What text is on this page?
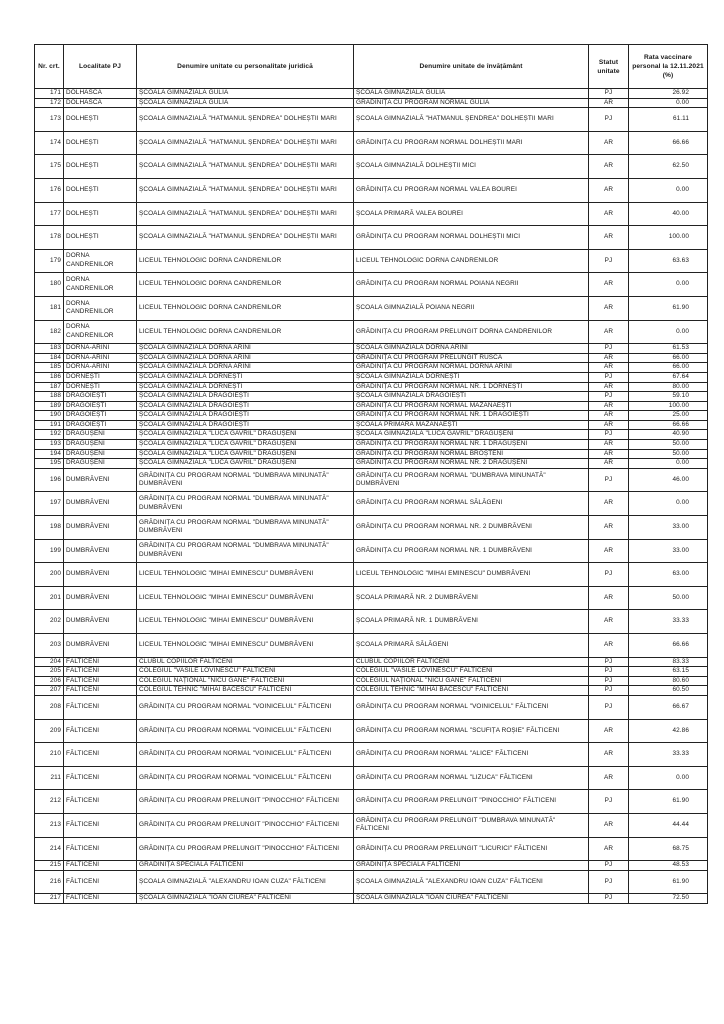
Nr. crt.	Localitate PJ	Denumire unitate cu personalitate juridică	Denumire unitate de învățământ	Statut unitate	Rata vaccinare personal la 12.11.2021 (%)
171	DOLHASCA	ȘCOALA GIMNAZIALĂ GULIA	ȘCOALA GIMNAZIALĂ GULIA	PJ	26.92
172	DOLHASCA	ȘCOALA GIMNAZIALĂ GULIA	GRĂDINIȚA CU PROGRAM NORMAL GULIA	AR	0.00
173	DOLHEȘTI	ȘCOALA GIMNAZIALĂ "HATMANUL ȘENDREA" DOLHEȘTII MARI	ȘCOALA GIMNAZIALĂ "HATMANUL ȘENDREA" DOLHEȘTII MARI	PJ	61.11
174	DOLHEȘTI	ȘCOALA GIMNAZIALĂ "HATMANUL ȘENDREA" DOLHEȘTII MARI	GRĂDINIȚA CU PROGRAM NORMAL DOLHEȘTII MARI	AR	66.66
175	DOLHEȘTI	ȘCOALA GIMNAZIALĂ "HATMANUL ȘENDREA" DOLHEȘTII MARI	ȘCOALA GIMNAZIALĂ DOLHEȘTII MICI	AR	62.50
176	DOLHEȘTI	ȘCOALA GIMNAZIALĂ "HATMANUL ȘENDREA" DOLHEȘTII MARI	GRĂDINIȚA CU PROGRAM NORMAL VALEA BOUREI	AR	0.00
177	DOLHEȘTI	ȘCOALA GIMNAZIALĂ "HATMANUL ȘENDREA" DOLHEȘTII MARI	ȘCOALA PRIMARĂ VALEA BOUREI	AR	40.00
178	DOLHEȘTI	ȘCOALA GIMNAZIALĂ "HATMANUL ȘENDREA" DOLHEȘTII MARI	GRĂDINIȚA CU PROGRAM NORMAL DOLHEȘTII MICI	AR	100.00
179	DORNA CANDRENILOR	LICEUL TEHNOLOGIC DORNA CANDRENILOR	LICEUL TEHNOLOGIC DORNA CANDRENILOR	PJ	63.63
180	DORNA CANDRENILOR	LICEUL TEHNOLOGIC DORNA CANDRENILOR	GRĂDINIȚA CU PROGRAM NORMAL POIANA NEGRII	AR	0.00
181	DORNA CANDRENILOR	LICEUL TEHNOLOGIC DORNA CANDRENILOR	ȘCOALA GIMNAZIALĂ POIANA NEGRII	AR	61.90
182	DORNA CANDRENILOR	LICEUL TEHNOLOGIC DORNA CANDRENILOR	GRĂDINIȚA CU PROGRAM PRELUNGIT DORNA CANDRENILOR	AR	0.00
183	DORNA-ARINI	ȘCOALA GIMNAZIALĂ DORNA ARINI	ȘCOALA GIMNAZIALĂ DORNA ARINI	PJ	61.53
184	DORNA-ARINI	ȘCOALA GIMNAZIALĂ DORNA ARINI	GRĂDINIȚA CU PROGRAM PRELUNGIT RUSCA	AR	66.00
185	DORNA-ARINI	ȘCOALA GIMNAZIALĂ DORNA ARINI	GRĂDINIȚA CU PROGRAM NORMAL DORNA ARINI	AR	66.00
186	DORNEȘTI	ȘCOALA GIMNAZIALĂ DORNEȘTI	ȘCOALA GIMNAZIALĂ DORNEȘTI	PJ	67.64
187	DORNEȘTI	ȘCOALA GIMNAZIALĂ DORNEȘTI	GRĂDINIȚA CU PROGRAM NORMAL NR. 1 DORNEȘTI	AR	80.00
188	DRĂGOIEȘTI	ȘCOALA GIMNAZIALĂ DRĂGOIEȘTI	ȘCOALA GIMNAZIALĂ DRĂGOIEȘTI	PJ	59.10
189	DRĂGOIEȘTI	ȘCOALA GIMNAZIALĂ DRĂGOIEȘTI	GRĂDINIȚA CU PROGRAM NORMAL MĂZĂNĂEȘTI	AR	100.00
190	DRĂGOIEȘTI	ȘCOALA GIMNAZIALĂ DRĂGOIEȘTI	GRĂDINIȚA CU PROGRAM NORMAL NR. 1 DRĂGOIEȘTI	AR	25.00
191	DRĂGOIEȘTI	ȘCOALA GIMNAZIALĂ DRĂGOIEȘTI	ȘCOALA PRIMARĂ MĂZĂNĂEȘTI	AR	66.66
192	DRĂGUȘENI	ȘCOALA GIMNAZIALĂ "LUCA GAVRIL" DRĂGUȘENI	ȘCOALA GIMNAZIALĂ "LUCA GAVRIL" DRĂGUȘENI	PJ	40.90
193	DRĂGUȘENI	ȘCOALA GIMNAZIALĂ "LUCA GAVRIL" DRĂGUȘENI	GRĂDINIȚA CU PROGRAM NORMAL NR. 1 DRĂGUȘENI	AR	50.00
194	DRĂGUȘENI	ȘCOALA GIMNAZIALĂ "LUCA GAVRIL" DRĂGUȘENI	GRĂDINIȚA CU PROGRAM NORMAL BROȘTENI	AR	50.00
195	DRĂGUȘENI	ȘCOALA GIMNAZIALĂ "LUCA GAVRIL" DRĂGUȘENI	GRĂDINIȚA CU PROGRAM NORMAL NR. 2 DRĂGUȘENI	AR	0.00
196	DUMBRĂVENI	GRĂDINIȚA CU PROGRAM NORMAL "DUMBRAVA MINUNATĂ" DUMBRĂVENI	GRĂDINIȚA CU PROGRAM NORMAL "DUMBRAVA MINUNATĂ" DUMBRĂVENI	PJ	46.00
197	DUMBRĂVENI	GRĂDINIȚA CU PROGRAM NORMAL "DUMBRAVA MINUNATĂ" DUMBRĂVENI	GRĂDINIȚA CU PROGRAM NORMAL SĂLĂGENI	AR	0.00
198	DUMBRĂVENI	GRĂDINIȚA CU PROGRAM NORMAL "DUMBRAVA MINUNATĂ" DUMBRĂVENI	GRĂDINIȚA CU PROGRAM NORMAL NR. 2 DUMBRĂVENI	AR	33.00
199	DUMBRĂVENI	GRĂDINIȚA CU PROGRAM NORMAL "DUMBRAVA MINUNATĂ" DUMBRĂVENI	GRĂDINIȚA CU PROGRAM NORMAL NR. 1 DUMBRĂVENI	AR	33.00
200	DUMBRĂVENI	LICEUL TEHNOLOGIC "MIHAI EMINESCU" DUMBRĂVENI	LICEUL TEHNOLOGIC "MIHAI EMINESCU" DUMBRĂVENI	PJ	63.00
201	DUMBRĂVENI	LICEUL TEHNOLOGIC "MIHAI EMINESCU" DUMBRĂVENI	ȘCOALA PRIMARĂ NR. 2 DUMBRĂVENI	AR	50.00
202	DUMBRĂVENI	LICEUL TEHNOLOGIC "MIHAI EMINESCU" DUMBRĂVENI	ȘCOALA PRIMARĂ NR. 1 DUMBRĂVENI	AR	33.33
203	DUMBRĂVENI	LICEUL TEHNOLOGIC "MIHAI EMINESCU" DUMBRĂVENI	ȘCOALA PRIMARĂ SĂLĂGENI	AR	66.66
204	FĂLTICENI	CLUBUL COPIILOR FĂLTICENI	CLUBUL COPIILOR FĂLTICENI	PJ	83.33
205	FĂLTICENI	COLEGIUL "VASILE LOVINESCU" FĂLTICENI	COLEGIUL "VASILE LOVINESCU" FĂLTICENI	PJ	63.15
206	FĂLTICENI	COLEGIUL NAȚIONAL "NICU GANE" FĂLTICENI	COLEGIUL NAȚIONAL "NICU GANE" FĂLTICENI	PJ	80.60
207	FĂLTICENI	COLEGIUL TEHNIC "MIHAI BĂCESCU" FĂLTICENI	COLEGIUL TEHNIC "MIHAI BĂCESCU" FĂLTICENI	PJ	60.50
208	FĂLTICENI	GRĂDINIȚA CU PROGRAM NORMAL "VOINICELUL" FĂLTICENI	GRĂDINIȚA CU PROGRAM NORMAL "VOINICELUL" FĂLTICENI	PJ	66.67
209	FĂLTICENI	GRĂDINIȚA CU PROGRAM NORMAL "VOINICELUL" FĂLTICENI	GRĂDINIȚA CU PROGRAM NORMAL "SCUFIȚA ROȘIE" FĂLTICENI	AR	42.86
210	FĂLTICENI	GRĂDINIȚA CU PROGRAM NORMAL "VOINICELUL" FĂLTICENI	GRĂDINIȚA CU PROGRAM NORMAL "ALICE" FĂLTICENI	AR	33.33
211	FĂLTICENI	GRĂDINIȚA CU PROGRAM NORMAL "VOINICELUL" FĂLTICENI	GRĂDINIȚA CU PROGRAM NORMAL "LIZUCA" FĂLTICENI	AR	0.00
212	FĂLTICENI	GRĂDINIȚA CU PROGRAM PRELUNGIT "PINOCCHIO" FĂLTICENI	GRĂDINIȚA CU PROGRAM PRELUNGIT "PINOCCHIO" FĂLTICENI	PJ	61.90
213	FĂLTICENI	GRĂDINIȚA CU PROGRAM PRELUNGIT "PINOCCHIO" FĂLTICENI	GRĂDINIȚA CU PROGRAM PRELUNGIT "DUMBRAVA MINUNATĂ" FĂLTICENI	AR	44.44
214	FĂLTICENI	GRĂDINIȚA CU PROGRAM PRELUNGIT "PINOCCHIO" FĂLTICENI	GRĂDINIȚA CU PROGRAM PRELUNGIT "LICURICI" FĂLTICENI	AR	68.75
215	FĂLTICENI	GRĂDINIȚA SPECIALĂ FĂLTICENI	GRĂDINIȚA SPECIALĂ FĂLTICENI	PJ	48.53
216	FĂLTICENI	ȘCOALA GIMNAZIALĂ "ALEXANDRU IOAN CUZA" FĂLTICENI	ȘCOALA GIMNAZIALĂ "ALEXANDRU IOAN CUZA" FĂLTICENI	PJ	61.90
217	FĂLTICENI	ȘCOALA GIMNAZIALĂ "IOAN CIUREA" FĂLTICENI	ȘCOALA GIMNAZIALĂ "IOAN CIUREA" FĂLTICENI	PJ	72.50
